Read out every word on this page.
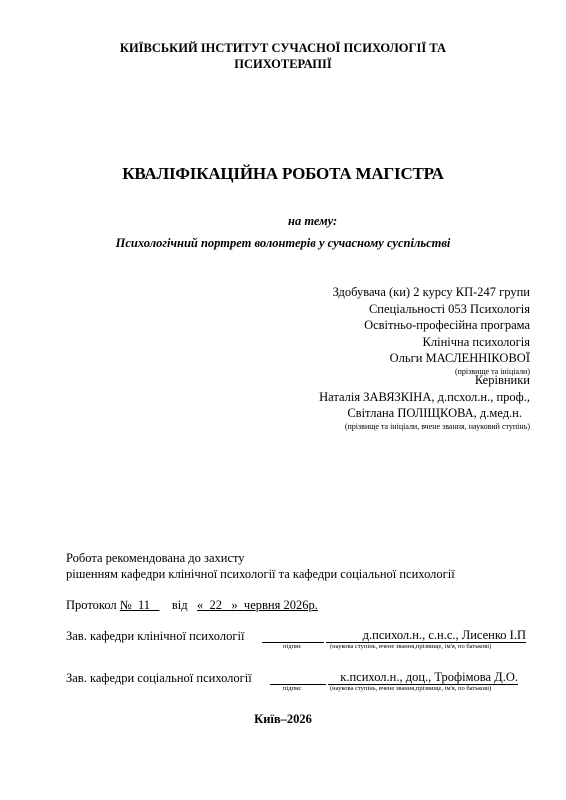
КИЇВСЬКИЙ ІНСТИТУТ СУЧАСНОЇ ПСИХОЛОГІЇ ТА
ПСИХОТЕРАПІЇ
КВАЛІФІКАЦІЙНА РОБОТА МАГІСТРА
на тему:
Психологічний портрет волонтерів у сучасному суспільстві
Здобувача (ки) 2 курсу КП-247 групи
Спеціальності 053 Психологія
Освітньо-професійна програма
Клінічна психологія
Ольги МАСЛЕННІКОВОЇ
(прізвище та ініціали)
Керівники
Наталія ЗАВЯЗКІНА, д.псхол.н., проф.,
Світлана ПОЛІЩКОВА, д.мед.н.
(прізвище та ініціали, вчене звання, науковий ступінь)
Робота рекомендована до захисту
рішенням кафедри клінічної психології та кафедри соціальної психології
Протокол № 11 від « 22 » червня 2026р.
Зав. кафедри клінічної психології	д.психол.н., с.н.с., Лисенко І.П
підпис	(наукова ступінь, вчене звання,прізвище, ім'я, по батькові)
Зав. кафедри соціальної психології	к.психол.н., доц., Трофімова Д.О.
підпис	(наукова ступінь, вчене звання,прізвище, ім'я, по батькові)
Київ–2026
